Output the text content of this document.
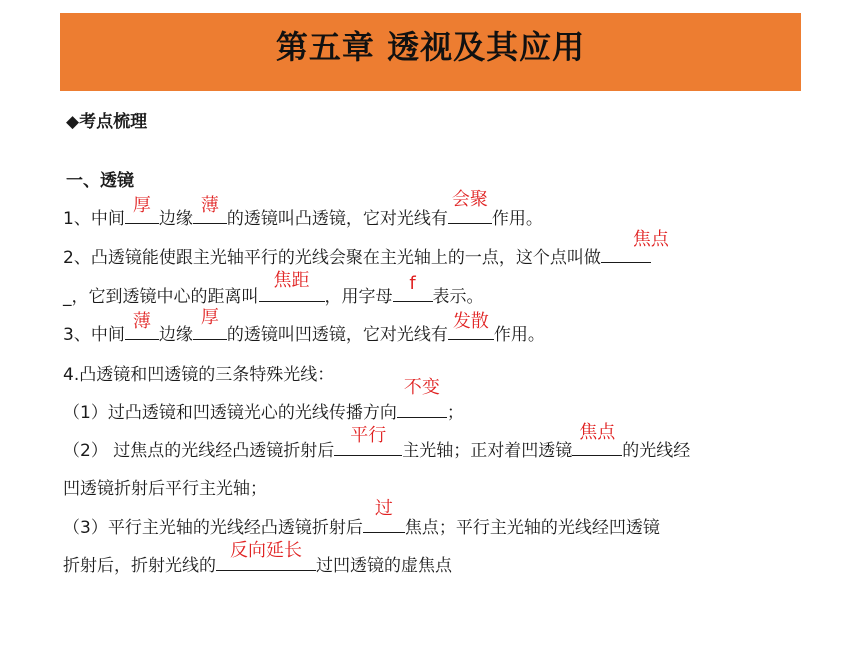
第五章 透视及其应用
◆考点梳理
一、透镜
1、中间
厚
边缘
薄
的透镜叫凸透镜，它对光线有
会聚
作用。
2、凸透镜能使跟主光轴平行的光线会聚在主光轴上的一点，这个点叫做
焦点
_，它到透镜中心的距离叫
焦距
，用字母
f
表示。
3、中间
薄
边缘
厚
的透镜叫凹透镜，它对光线有
发散
作用。
4.凸透镜和凹透镜的三条特殊光线：
（1）过凸透镜和凹透镜光心的光线传播方向
不变
；
（2） 过焦点的光线经凸透镜折射后
平行
主光轴；正对着凹透镜
焦点
的光线经
凹透镜折射后平行主光轴；
（3）平行主光轴的光线经凸透镜折射后
过
焦点；平行主光轴的光线经凹透镜
折射后，折射光线的
反向延长
过凹透镜的虚焦点
